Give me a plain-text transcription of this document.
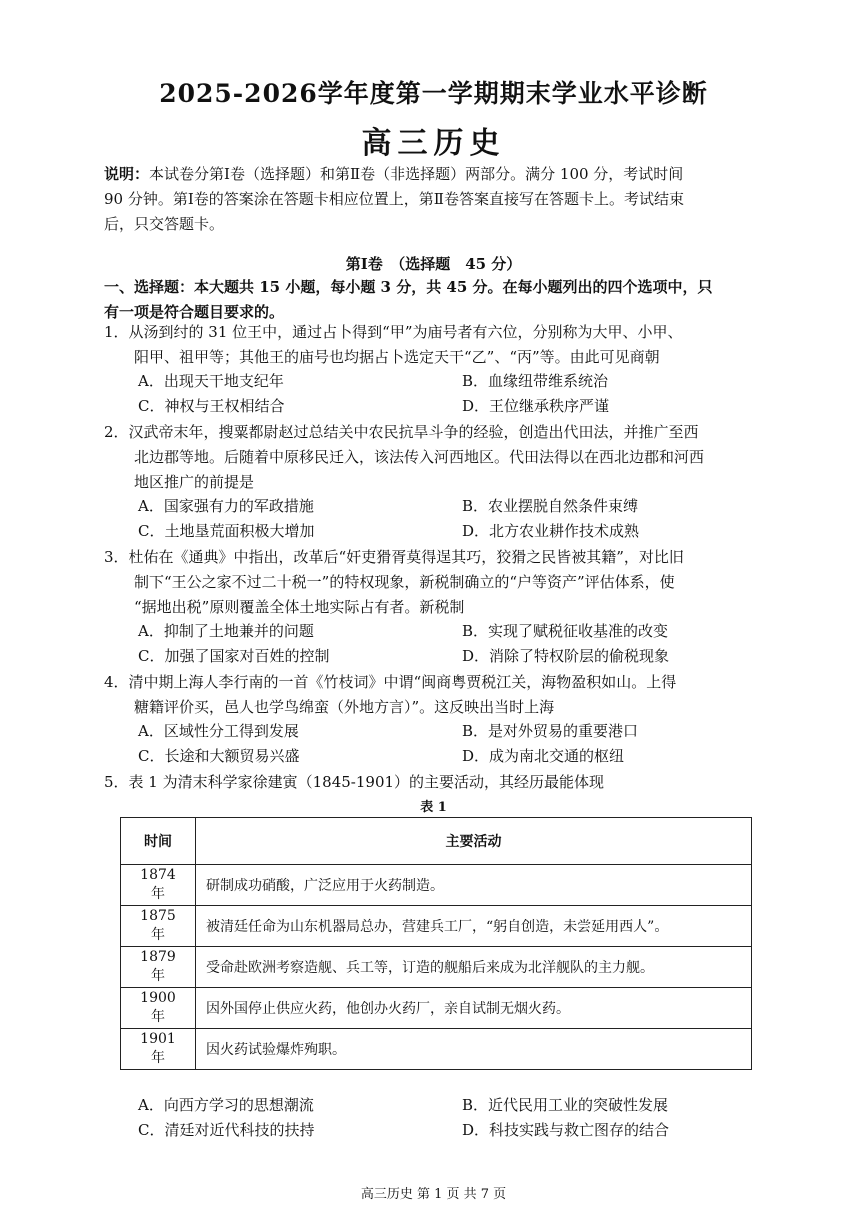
2025-2026学年度第一学期期末学业水平诊断
高三历史
说明：本试卷分第Ⅰ卷（选择题）和第Ⅱ卷（非选择题）两部分。满分 100 分，考试时间
90 分钟。第Ⅰ卷的答案涂在答题卡相应位置上，第Ⅱ卷答案直接写在答题卡上。考试结束
后，只交答题卡。
第Ⅰ卷　（选择题　45 分）
一、选择题：本大题共 15 小题，每小题 3 分，共 45 分。在每小题列出的四个选项中，只
有一项是符合题目要求的。
1．从汤到纣的 31 位王中，通过占卜得到“甲”为庙号者有六位，分别称为大甲、小甲、
　　阳甲、祖甲等；其他王的庙号也均据占卜选定天干“乙”、“丙”等。由此可见商朝
A．出现天干地支纪年	B．血缘纽带维系统治
C．神权与王权相结合	D．王位继承秩序严谨
2．汉武帝末年，搜粟都尉赵过总结关中农民抗旱斗争的经验，创造出代田法，并推广至西
　　北边郡等地。后随着中原移民迁入，该法传入河西地区。代田法得以在西北边郡和河西
　　地区推广的前提是
A．国家强有力的军政措施	B．农业摆脱自然条件束缚
C．土地垦荒面积极大增加	D．北方农业耕作技术成熟
3．杜佑在《通典》中指出，改革后“奸吏猾胥莫得逞其巧，狡猾之民皆被其籍”，对比旧
　　制下“王公之家不过二十税一”的特权现象，新税制确立的“户等资产”评估体系，使
　　“据地出税”原则覆盖全体土地实际占有者。新税制
A．抑制了土地兼并的问题	B．实现了赋税征收基准的改变
C．加强了国家对百姓的控制	D．消除了特权阶层的偷税现象
4．清中期上海人李行南的一首《竹枝词》中谓“闽商粤贾税江关，海物盈积如山。上得
　　糖籍评价买，邑人也学鸟绵蛮（外地方言）”。这反映出当时上海
A．区域性分工得到发展	B．是对外贸易的重要港口
C．长途和大额贸易兴盛	D．成为南北交通的枢纽
5．表 1 为清末科学家徐建寅（1845-1901）的主要活动，其经历最能体现
表 1
时间	主要活动
1874 年	研制成功硝酸，广泛应用于火药制造。
1875 年	被清廷任命为山东机器局总办，营建兵工厂，“躬自创造，未尝延用西人”。
1879 年	受命赴欧洲考察造舰、兵工等，订造的舰船后来成为北洋舰队的主力舰。
1900 年	因外国停止供应火药，他创办火药厂，亲自试制无烟火药。
1901 年	因火药试验爆炸殉职。
A．向西方学习的思想潮流	B．近代民用工业的突破性发展
C．清廷对近代科技的扶持	D．科技实践与救亡图存的结合
高三历史 第 1 页 共 7 页
